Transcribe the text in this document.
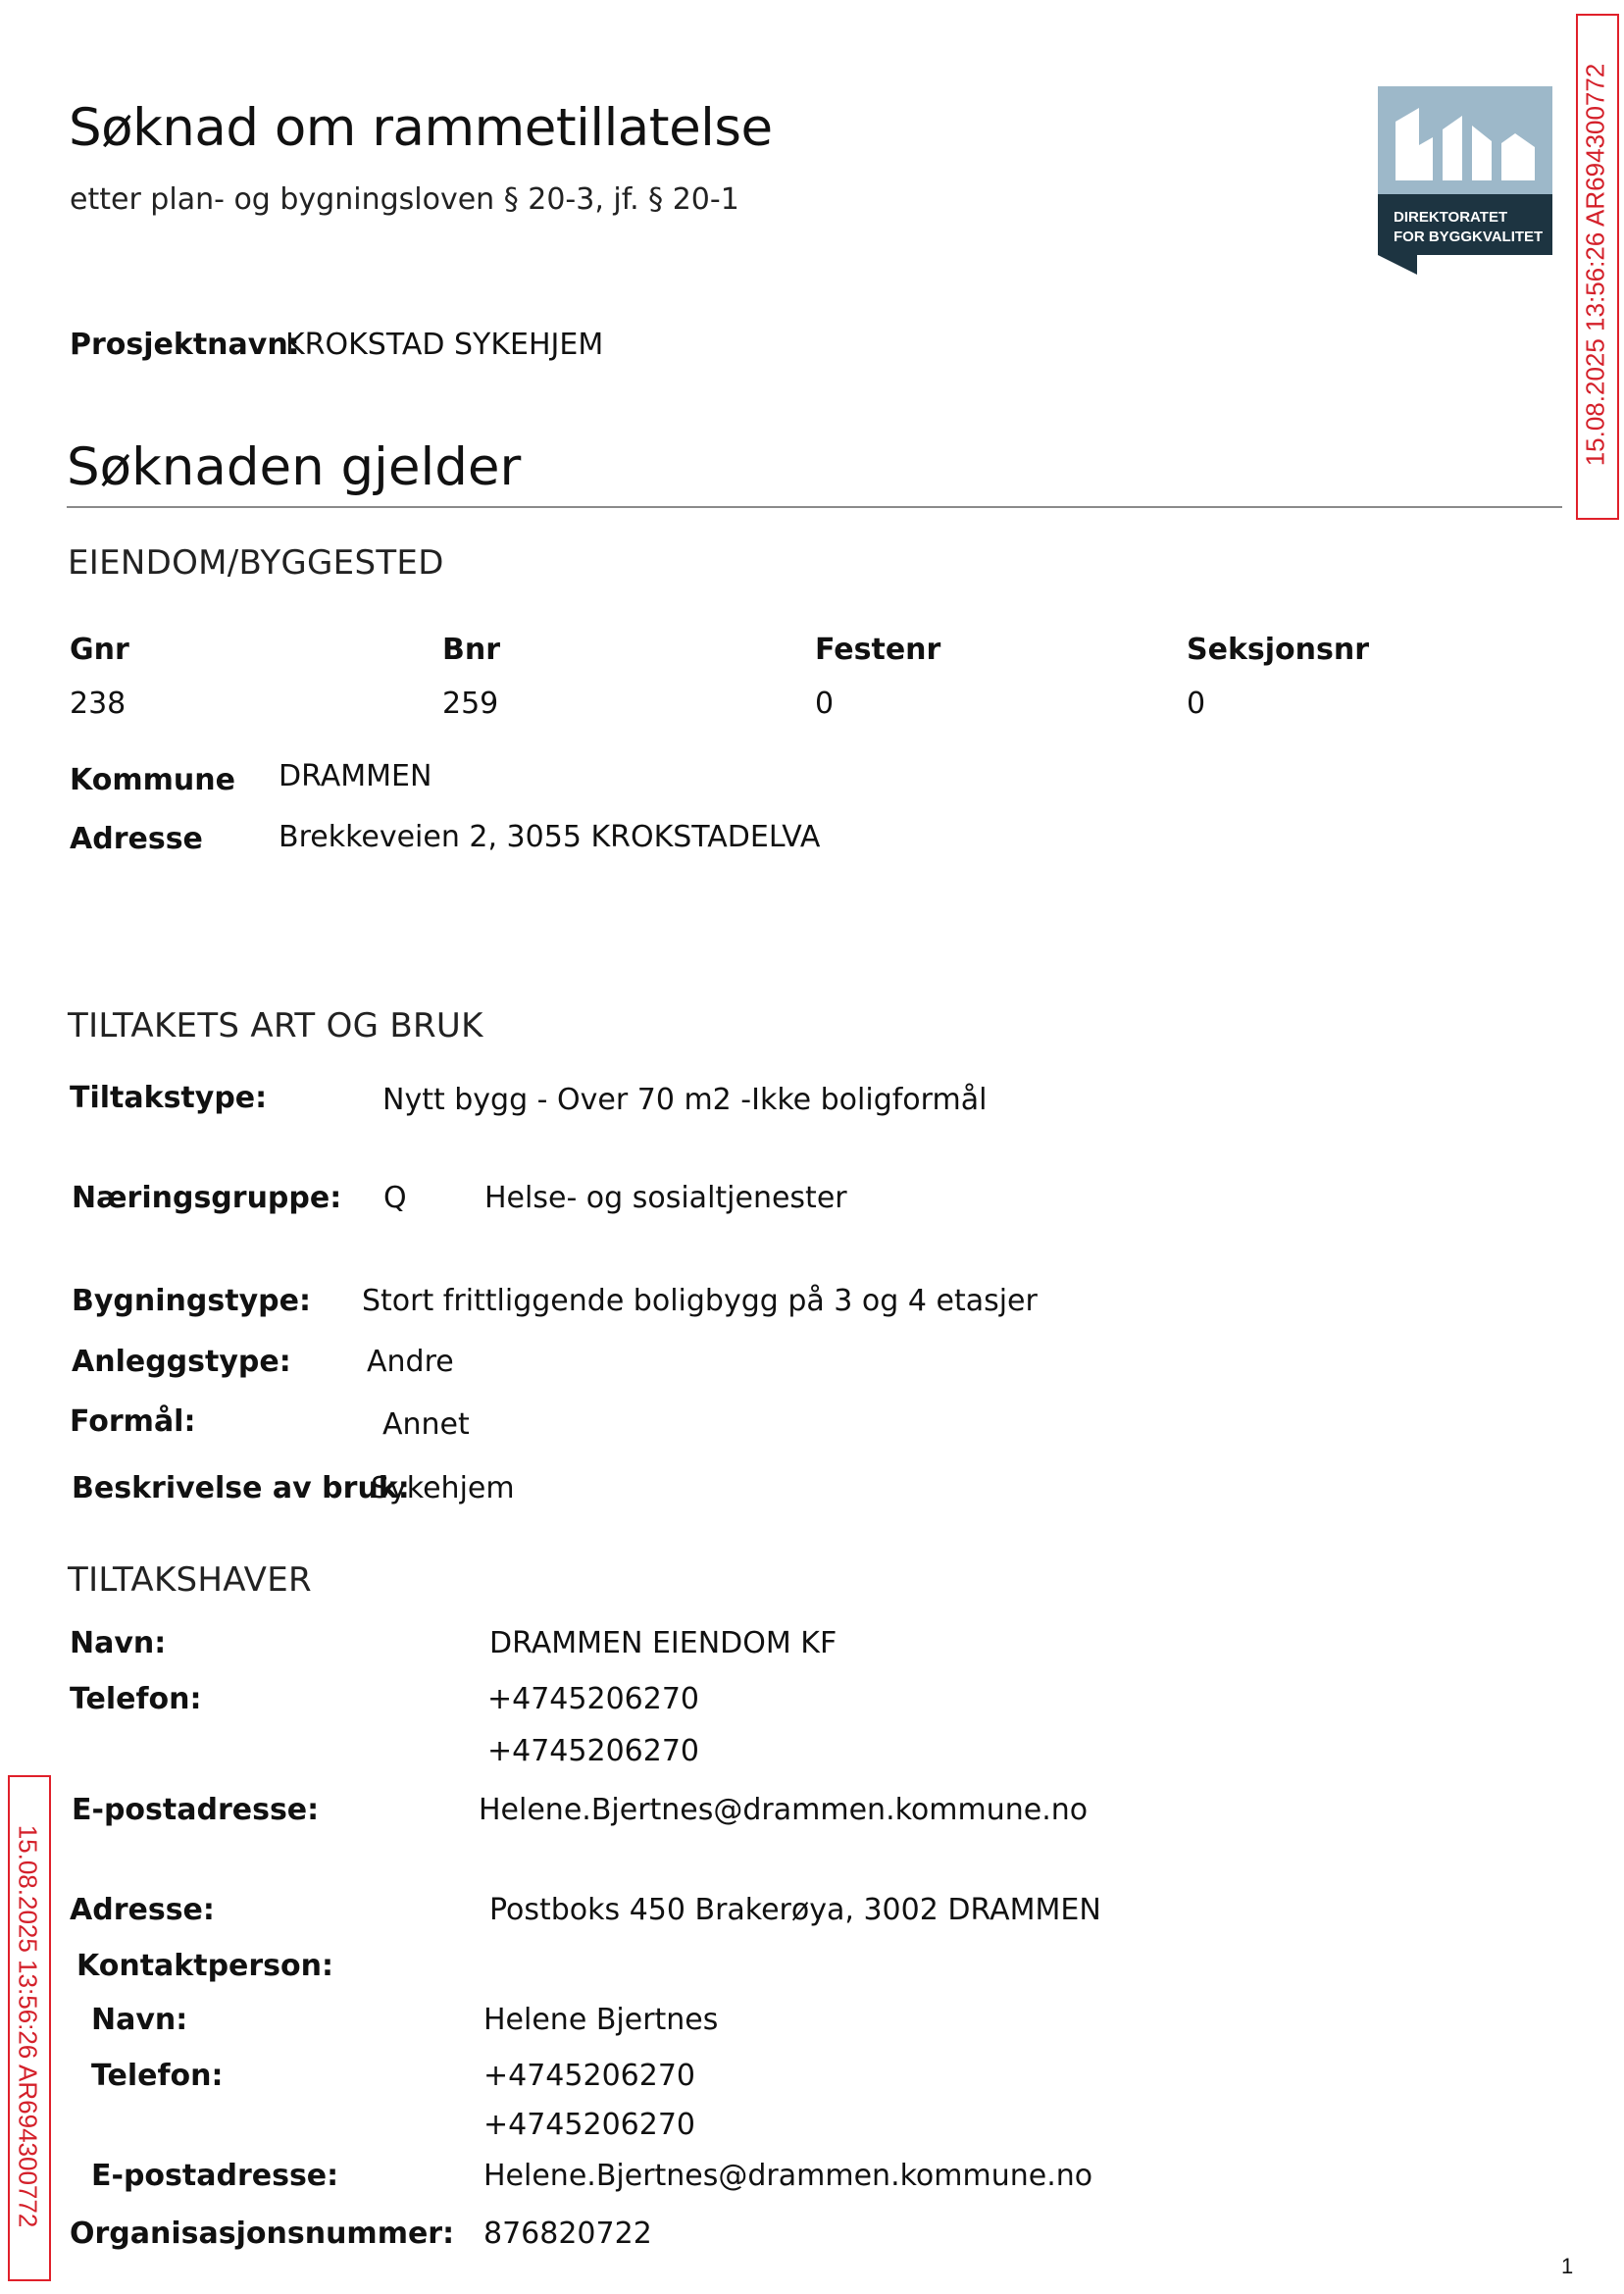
Søknad om rammetillatelse
etter plan- og bygningsloven § 20-3, jf. § 20-1
DIREKTORATET
FOR BYGGKVALITET 15.08.2025 13:56:26 AR694300772
15.08.2025 13:56:26 AR694300772
Prosjektnavn:
KROKSTAD SYKEHJEM
Søknaden gjelder
EIENDOM/BYGGESTED
Gnr	Bnr	Festenr	Seksjonsnr
238	259	0	0
Kommune DRAMMEN
Adresse	Brekkeveien 2, 3055 KROKSTADELVA
TILTAKETS ART OG BRUK
Tiltakstype:	Nytt bygg - Over 70 m2 -Ikke boligformål
Næringsgruppe: Q	Helse- og sosialtjenester
Bygningstype: Stort frittliggende boligbygg på 3 og 4 etasjer
Anleggstype:	Andre
Formål:	Annet
Beskrivelse av bruk:
Sykehjem
TILTAKSHAVER
Navn:	DRAMMEN EIENDOM KF
Telefon:	+4745206270
+4745206270
E-postadresse:	Helene.Bjertnes@drammen.kommune.no
Adresse:	Postboks 450 Brakerøya, 3002 DRAMMEN
Kontaktperson:
Navn:	Helene Bjertnes
Telefon:	+4745206270
+4745206270
E-postadresse:	Helene.Bjertnes@drammen.kommune.no
Organisasjonsnummer: 876820722
1
